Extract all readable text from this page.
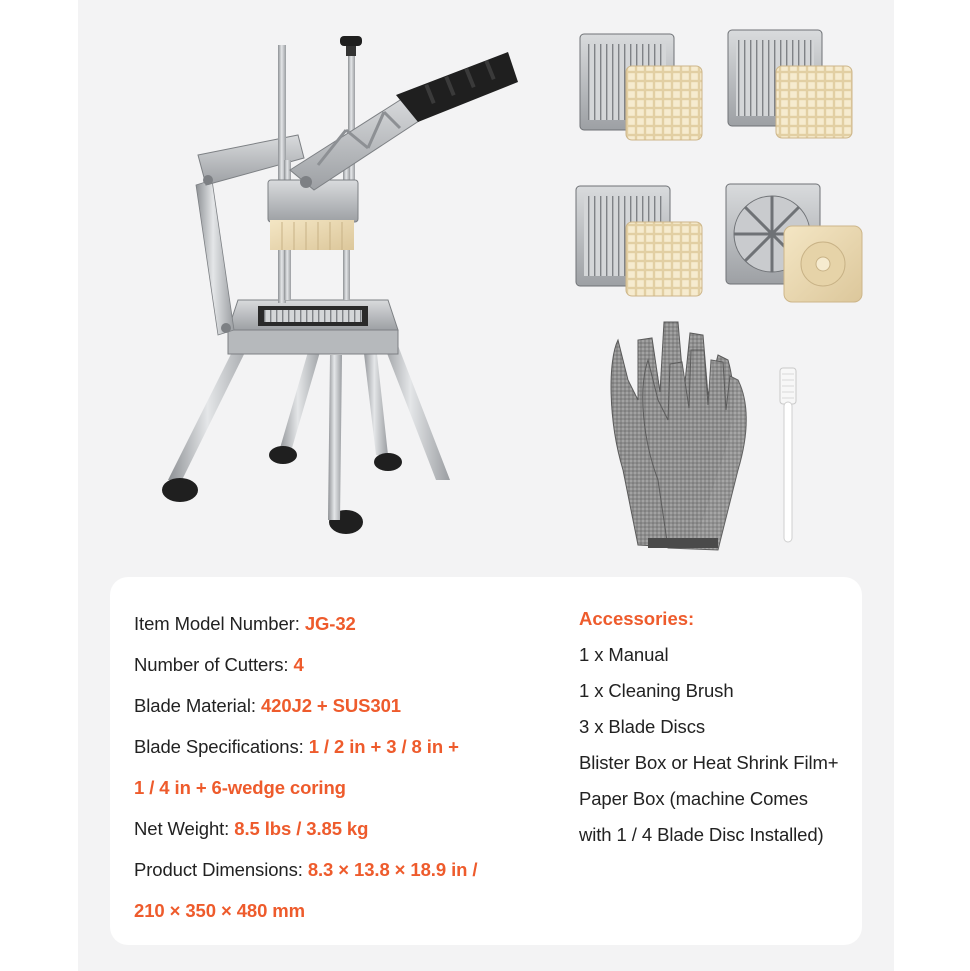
Item Model Number: JG-32
Number of Cutters: 4
Blade Material: 420J2 + SUS301
Blade Specifications: 1 / 2 in + 3 / 8 in +
1 / 4 in + 6-wedge coring
Net Weight: 8.5 lbs / 3.85 kg
Product Dimensions: 8.3 × 13.8 × 18.9 in /
210 × 350 × 480 mm
Accessories:
1 x Manual
1 x Cleaning Brush
3 x Blade Discs
Blister Box or Heat Shrink Film+
Paper Box (machine Comes
with 1 / 4 Blade Disc Installed)
